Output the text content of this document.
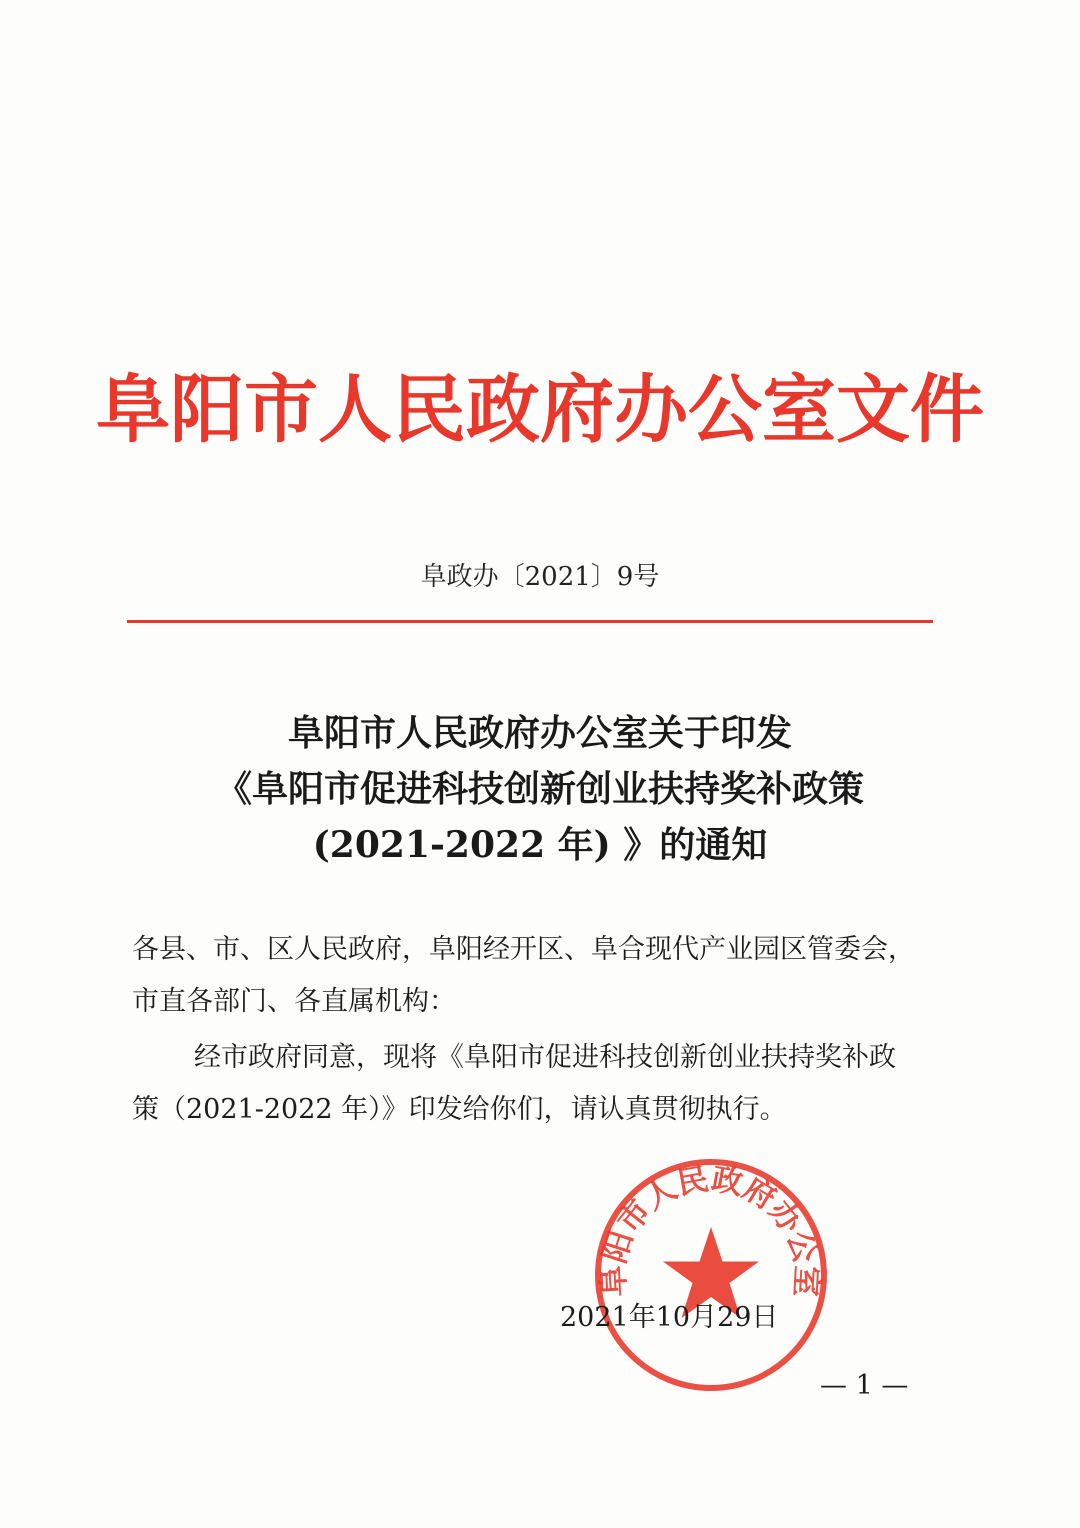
阜阳市人民政府办公室文件
阜政办〔2021〕9号
阜阳市人民政府办公室关于印发
《阜阳市促进科技创新创业扶持奖补政策
(2021-2022 年) 》的通知
各县、市、区人民政府，阜阳经开区、阜合现代产业园区管委会，
市直各部门、各直属机构：
经市政府同意，现将《阜阳市促进科技创新创业扶持奖补政
策（2021-2022 年）》印发给你们，请认真贯彻执行。
阜阳市人民政府办公室
2021年10月29日
— 1 —
